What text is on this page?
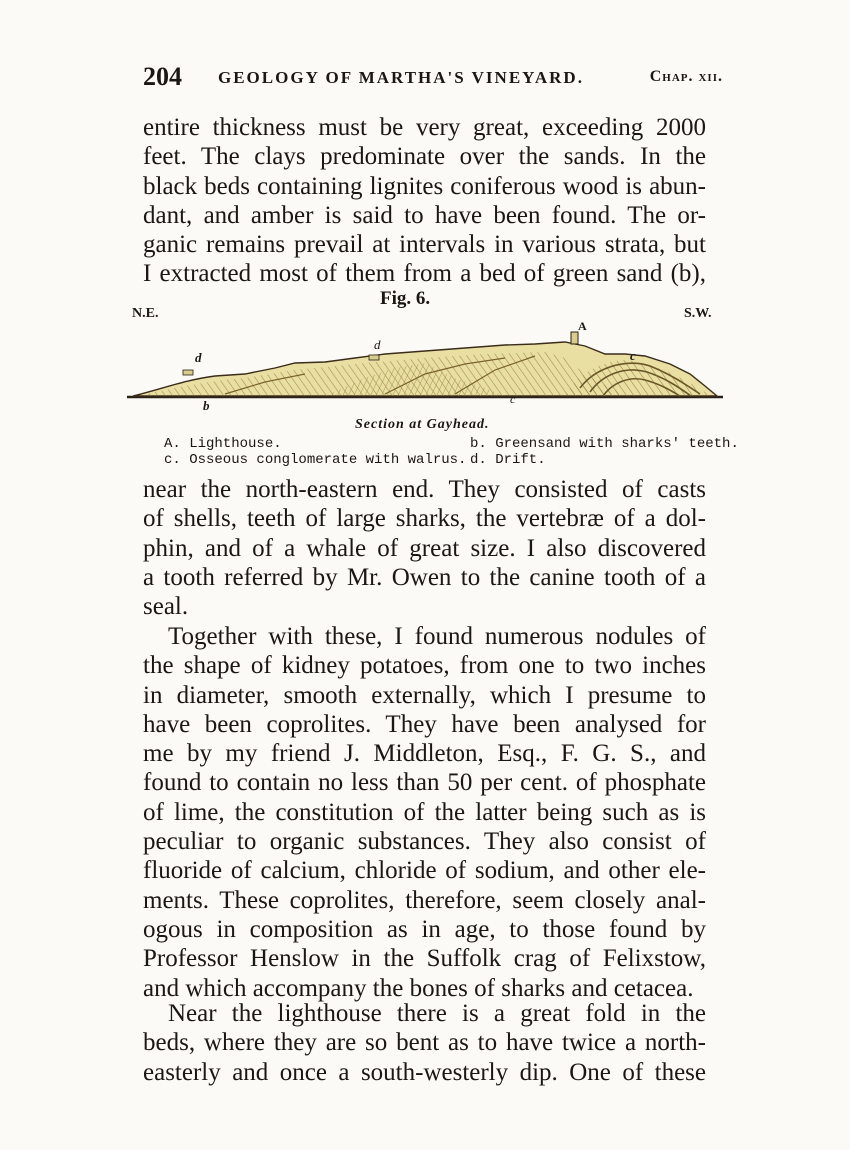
204 GEOLOGY OF MARTHA'S VINEYARD.	Chap. xii.

entire thickness must be very great, exceeding 2000
feet. The clays predominate over the sands. In the
black beds containing lignites coniferous wood is abun-
dant, and amber is said to have been found. The or-
ganic remains prevail at intervals in various strata, but
I extracted most of them from a bed of green sand (b),

Fig. 6.
N.E.	S.W.
A
d
d
c
b	c
Section at Gayhead.
A. Lighthouse.
c. Osseous conglomerate with walrus.
b. Greensand with sharks' teeth.
d. Drift.

near the north-eastern end. They consisted of casts
of shells, teeth of large sharks, the vertebræ of a dol-
phin, and of a whale of great size. I also discovered
a tooth referred by Mr. Owen to the canine tooth of a
seal.

Together with these, I found numerous nodules of
the shape of kidney potatoes, from one to two inches
in diameter, smooth externally, which I presume to
have been coprolites. They have been analysed for
me by my friend J. Middleton, Esq., F. G. S., and
found to contain no less than 50 per cent. of phosphate
of lime, the constitution of the latter being such as is
peculiar to organic substances. They also consist of
fluoride of calcium, chloride of sodium, and other ele-
ments. These coprolites, therefore, seem closely anal-
ogous in composition as in age, to those found by
Professor Henslow in the Suffolk crag of Felixstow,
and which accompany the bones of sharks and cetacea.

Near the lighthouse there is a great fold in the
beds, where they are so bent as to have twice a north-
easterly and once a south-westerly dip. One of these
